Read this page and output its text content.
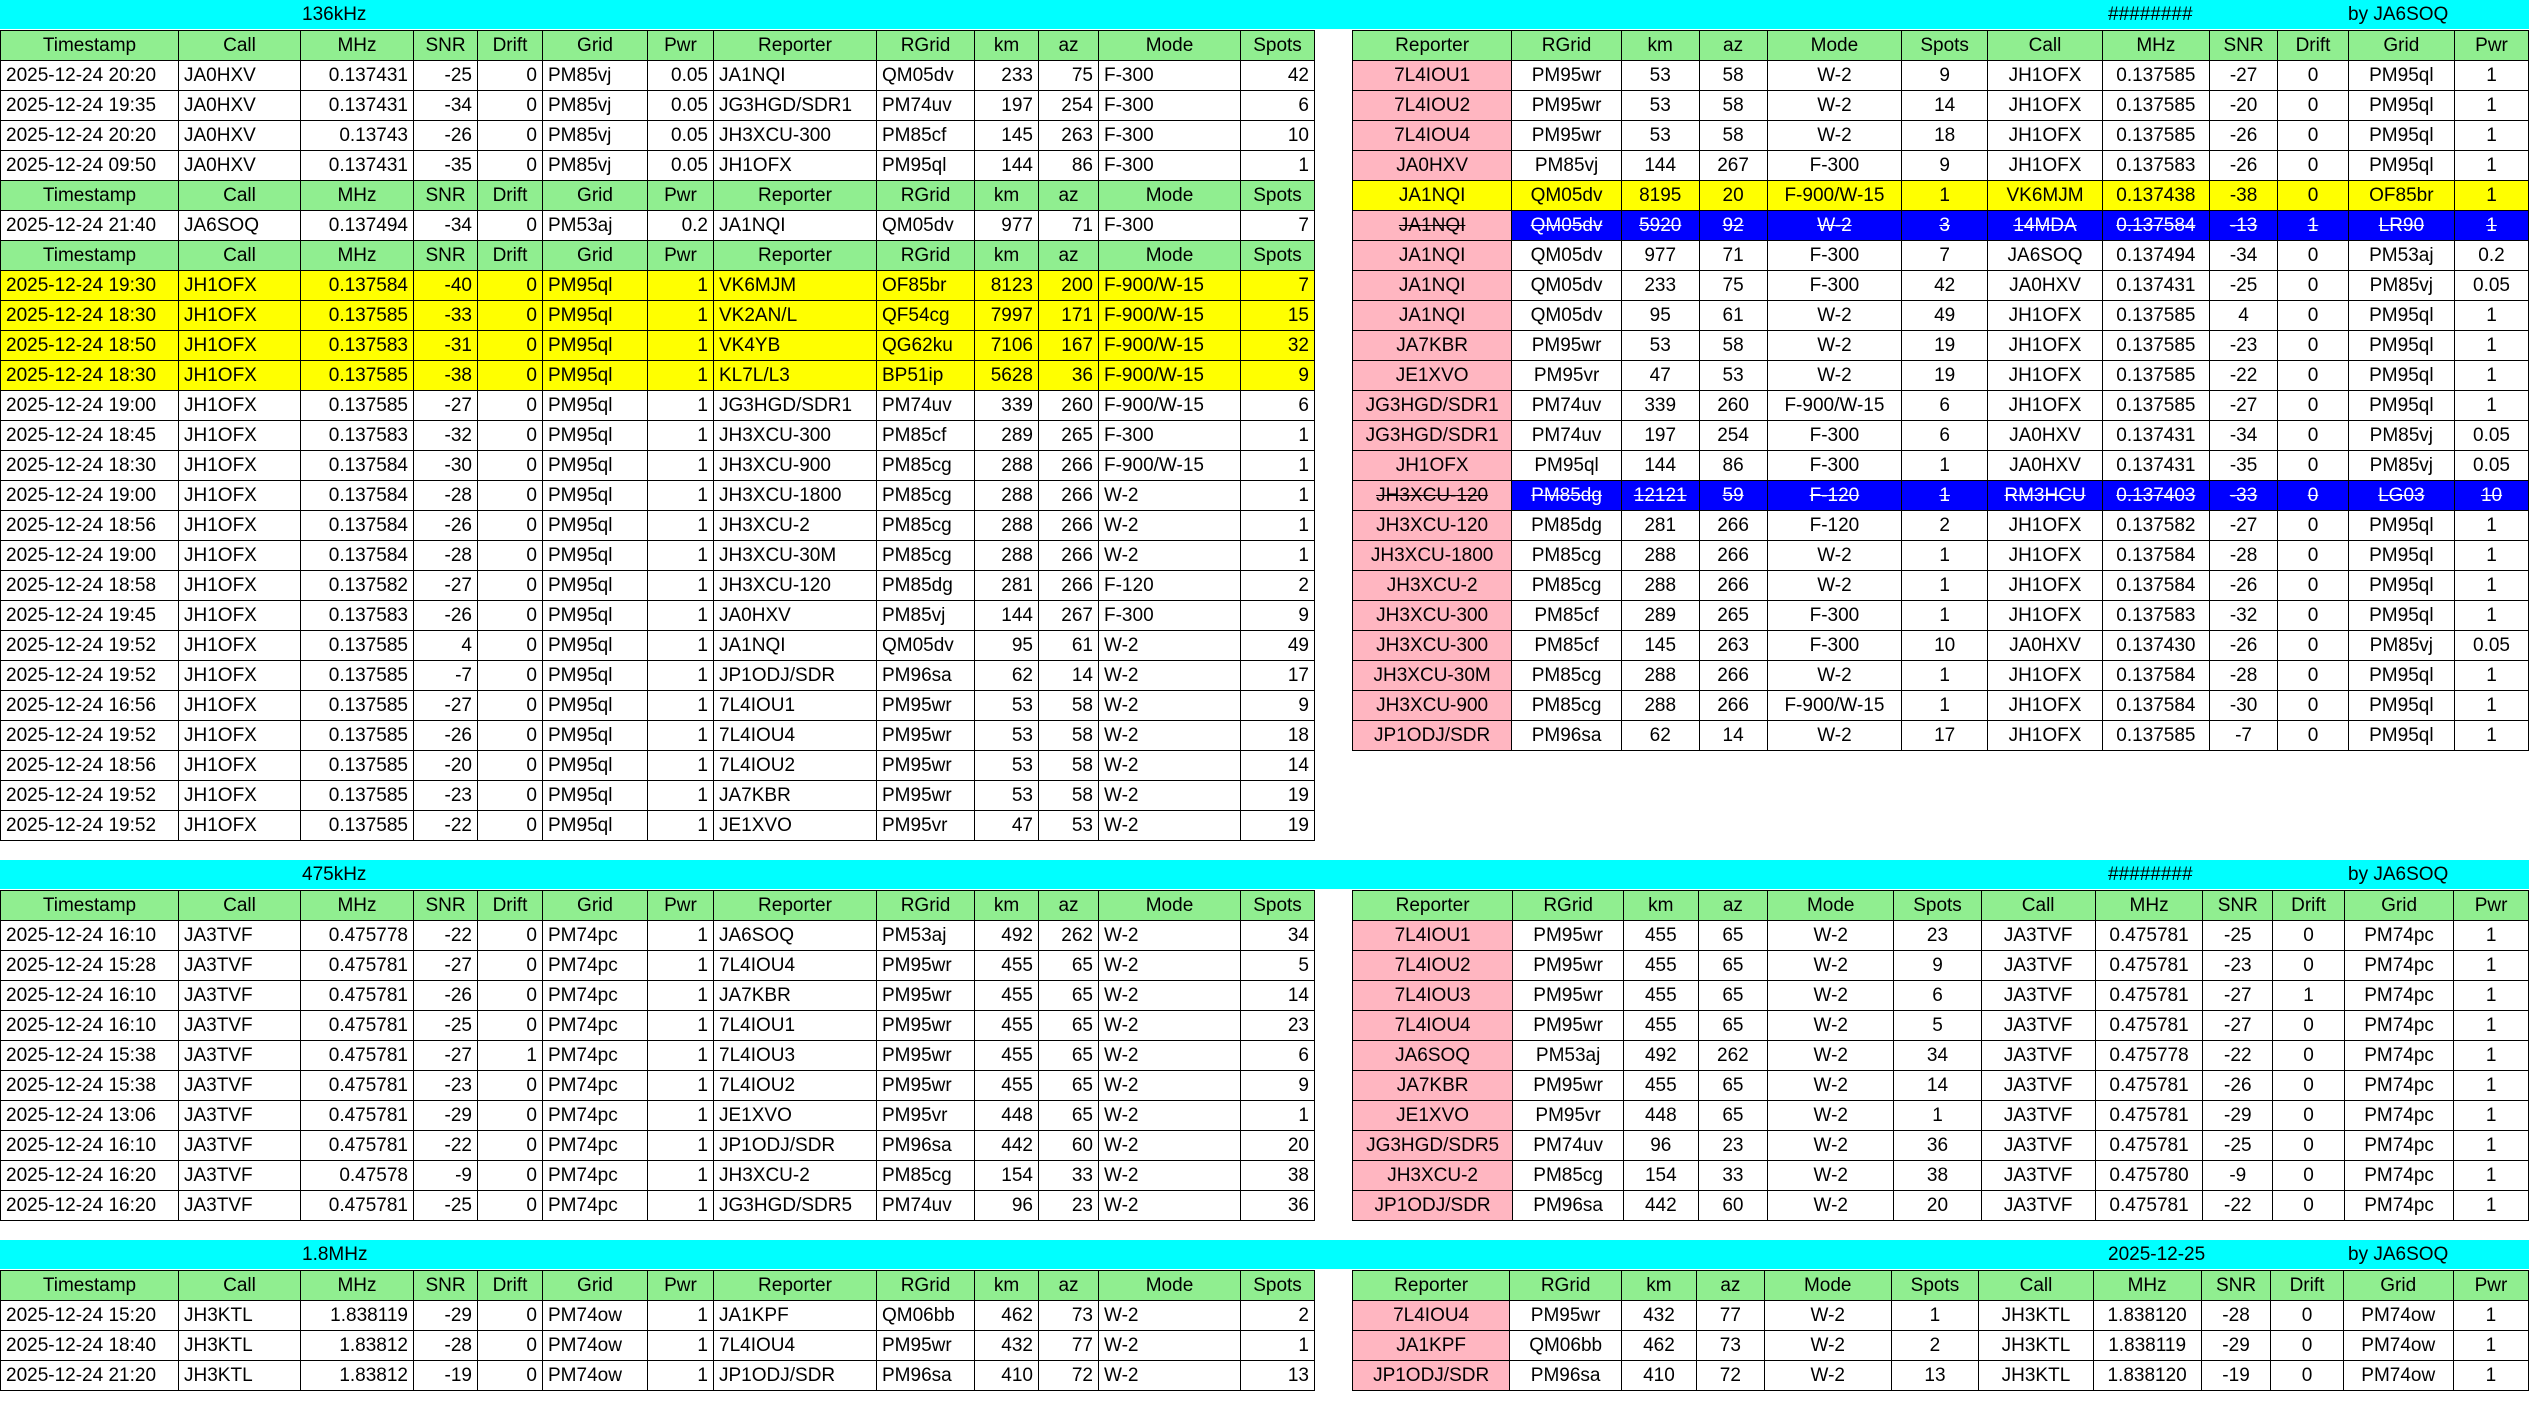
136kHz	########	by JA6SOQ
Timestamp	Call	MHz	SNR	Drift	Grid	Pwr	Reporter	RGrid	km	az	Mode	Spots
2025-12-24 20:20	JA0HXV	0.137431	-25	0	PM85vj	0.05	JA1NQI	QM05dv	233	75	F-300	42
2025-12-24 19:35	JA0HXV	0.137431	-34	0	PM85vj	0.05	JG3HGD/SDR1	PM74uv	197	254	F-300	6
2025-12-24 20:20	JA0HXV	0.13743	-26	0	PM85vj	0.05	JH3XCU-300	PM85cf	145	263	F-300	10
2025-12-24 09:50	JA0HXV	0.137431	-35	0	PM85vj	0.05	JH1OFX	PM95ql	144	86	F-300	1
Timestamp	Call	MHz	SNR	Drift	Grid	Pwr	Reporter	RGrid	km	az	Mode	Spots
2025-12-24 21:40	JA6SOQ	0.137494	-34	0	PM53aj	0.2	JA1NQI	QM05dv	977	71	F-300	7
Timestamp	Call	MHz	SNR	Drift	Grid	Pwr	Reporter	RGrid	km	az	Mode	Spots
2025-12-24 19:30	JH1OFX	0.137584	-40	0	PM95ql	1	VK6MJM	OF85br	8123	200	F-900/W-15	7
2025-12-24 18:30	JH1OFX	0.137585	-33	0	PM95ql	1	VK2AN/L	QF54cg	7997	171	F-900/W-15	15
2025-12-24 18:50	JH1OFX	0.137583	-31	0	PM95ql	1	VK4YB	QG62ku	7106	167	F-900/W-15	32
2025-12-24 18:30	JH1OFX	0.137585	-38	0	PM95ql	1	KL7L/L3	BP51ip	5628	36	F-900/W-15	9
2025-12-24 19:00	JH1OFX	0.137585	-27	0	PM95ql	1	JG3HGD/SDR1	PM74uv	339	260	F-900/W-15	6
2025-12-24 18:45	JH1OFX	0.137583	-32	0	PM95ql	1	JH3XCU-300	PM85cf	289	265	F-300	1
2025-12-24 18:30	JH1OFX	0.137584	-30	0	PM95ql	1	JH3XCU-900	PM85cg	288	266	F-900/W-15	1
2025-12-24 19:00	JH1OFX	0.137584	-28	0	PM95ql	1	JH3XCU-1800	PM85cg	288	266	W-2	1
2025-12-24 18:56	JH1OFX	0.137584	-26	0	PM95ql	1	JH3XCU-2	PM85cg	288	266	W-2	1
2025-12-24 19:00	JH1OFX	0.137584	-28	0	PM95ql	1	JH3XCU-30M	PM85cg	288	266	W-2	1
2025-12-24 18:58	JH1OFX	0.137582	-27	0	PM95ql	1	JH3XCU-120	PM85dg	281	266	F-120	2
2025-12-24 19:45	JH1OFX	0.137583	-26	0	PM95ql	1	JA0HXV	PM85vj	144	267	F-300	9
2025-12-24 19:52	JH1OFX	0.137585	4	0	PM95ql	1	JA1NQI	QM05dv	95	61	W-2	49
2025-12-24 19:52	JH1OFX	0.137585	-7	0	PM95ql	1	JP1ODJ/SDR	PM96sa	62	14	W-2	17
2025-12-24 16:56	JH1OFX	0.137585	-27	0	PM95ql	1	7L4IOU1	PM95wr	53	58	W-2	9
2025-12-24 19:52	JH1OFX	0.137585	-26	0	PM95ql	1	7L4IOU4	PM95wr	53	58	W-2	18
2025-12-24 18:56	JH1OFX	0.137585	-20	0	PM95ql	1	7L4IOU2	PM95wr	53	58	W-2	14
2025-12-24 19:52	JH1OFX	0.137585	-23	0	PM95ql	1	JA7KBR	PM95wr	53	58	W-2	19
2025-12-24 19:52	JH1OFX	0.137585	-22	0	PM95ql	1	JE1XVO	PM95vr	47	53	W-2	19
Reporter	RGrid	km	az	Mode	Spots	Call	MHz	SNR	Drift	Grid	Pwr
7L4IOU1	PM95wr	53	58	W-2	9	JH1OFX	0.137585	-27	0	PM95ql	1
7L4IOU2	PM95wr	53	58	W-2	14	JH1OFX	0.137585	-20	0	PM95ql	1
7L4IOU4	PM95wr	53	58	W-2	18	JH1OFX	0.137585	-26	0	PM95ql	1
JA0HXV	PM85vj	144	267	F-300	9	JH1OFX	0.137583	-26	0	PM95ql	1
JA1NQI	QM05dv	8195	20	F-900/W-15	1	VK6MJM	0.137438	-38	0	OF85br	1
JA1NQI	QM05dv	5920	92	W-2	3	14MDA	0.137584	-13	1	LR90	1
JA1NQI	QM05dv	977	71	F-300	7	JA6SOQ	0.137494	-34	0	PM53aj	0.2
JA1NQI	QM05dv	233	75	F-300	42	JA0HXV	0.137431	-25	0	PM85vj	0.05
JA1NQI	QM05dv	95	61	W-2	49	JH1OFX	0.137585	4	0	PM95ql	1
JA7KBR	PM95wr	53	58	W-2	19	JH1OFX	0.137585	-23	0	PM95ql	1
JE1XVO	PM95vr	47	53	W-2	19	JH1OFX	0.137585	-22	0	PM95ql	1
JG3HGD/SDR1	PM74uv	339	260	F-900/W-15	6	JH1OFX	0.137585	-27	0	PM95ql	1
JG3HGD/SDR1	PM74uv	197	254	F-300	6	JA0HXV	0.137431	-34	0	PM85vj	0.05
JH1OFX	PM95ql	144	86	F-300	1	JA0HXV	0.137431	-35	0	PM85vj	0.05
JH3XCU-120	PM85dg	12121	59	F-120	1	RM3HCU	0.137403	-33	0	LG03	10
JH3XCU-120	PM85dg	281	266	F-120	2	JH1OFX	0.137582	-27	0	PM95ql	1
JH3XCU-1800	PM85cg	288	266	W-2	1	JH1OFX	0.137584	-28	0	PM95ql	1
JH3XCU-2	PM85cg	288	266	W-2	1	JH1OFX	0.137584	-26	0	PM95ql	1
JH3XCU-300	PM85cf	289	265	F-300	1	JH1OFX	0.137583	-32	0	PM95ql	1
JH3XCU-300	PM85cf	145	263	F-300	10	JA0HXV	0.137430	-26	0	PM85vj	0.05
JH3XCU-30M	PM85cg	288	266	W-2	1	JH1OFX	0.137584	-28	0	PM95ql	1
JH3XCU-900	PM85cg	288	266	F-900/W-15	1	JH1OFX	0.137584	-30	0	PM95ql	1
JP1ODJ/SDR	PM96sa	62	14	W-2	17	JH1OFX	0.137585	-7	0	PM95ql	1
475kHz	########	by JA6SOQ
Timestamp	Call	MHz	SNR	Drift	Grid	Pwr	Reporter	RGrid	km	az	Mode	Spots
2025-12-24 16:10	JA3TVF	0.475778	-22	0	PM74pc	1	JA6SOQ	PM53aj	492	262	W-2	34
2025-12-24 15:28	JA3TVF	0.475781	-27	0	PM74pc	1	7L4IOU4	PM95wr	455	65	W-2	5
2025-12-24 16:10	JA3TVF	0.475781	-26	0	PM74pc	1	JA7KBR	PM95wr	455	65	W-2	14
2025-12-24 16:10	JA3TVF	0.475781	-25	0	PM74pc	1	7L4IOU1	PM95wr	455	65	W-2	23
2025-12-24 15:38	JA3TVF	0.475781	-27	1	PM74pc	1	7L4IOU3	PM95wr	455	65	W-2	6
2025-12-24 15:38	JA3TVF	0.475781	-23	0	PM74pc	1	7L4IOU2	PM95wr	455	65	W-2	9
2025-12-24 13:06	JA3TVF	0.475781	-29	0	PM74pc	1	JE1XVO	PM95vr	448	65	W-2	1
2025-12-24 16:10	JA3TVF	0.475781	-22	0	PM74pc	1	JP1ODJ/SDR	PM96sa	442	60	W-2	20
2025-12-24 16:20	JA3TVF	0.47578	-9	0	PM74pc	1	JH3XCU-2	PM85cg	154	33	W-2	38
2025-12-24 16:20	JA3TVF	0.475781	-25	0	PM74pc	1	JG3HGD/SDR5	PM74uv	96	23	W-2	36
Reporter	RGrid	km	az	Mode	Spots	Call	MHz	SNR	Drift	Grid	Pwr
7L4IOU1	PM95wr	455	65	W-2	23	JA3TVF	0.475781	-25	0	PM74pc	1
7L4IOU2	PM95wr	455	65	W-2	9	JA3TVF	0.475781	-23	0	PM74pc	1
7L4IOU3	PM95wr	455	65	W-2	6	JA3TVF	0.475781	-27	1	PM74pc	1
7L4IOU4	PM95wr	455	65	W-2	5	JA3TVF	0.475781	-27	0	PM74pc	1
JA6SOQ	PM53aj	492	262	W-2	34	JA3TVF	0.475778	-22	0	PM74pc	1
JA7KBR	PM95wr	455	65	W-2	14	JA3TVF	0.475781	-26	0	PM74pc	1
JE1XVO	PM95vr	448	65	W-2	1	JA3TVF	0.475781	-29	0	PM74pc	1
JG3HGD/SDR5	PM74uv	96	23	W-2	36	JA3TVF	0.475781	-25	0	PM74pc	1
JH3XCU-2	PM85cg	154	33	W-2	38	JA3TVF	0.475780	-9	0	PM74pc	1
JP1ODJ/SDR	PM96sa	442	60	W-2	20	JA3TVF	0.475781	-22	0	PM74pc	1
1.8MHz	2025-12-25	by JA6SOQ
Timestamp	Call	MHz	SNR	Drift	Grid	Pwr	Reporter	RGrid	km	az	Mode	Spots
2025-12-24 15:20	JH3KTL	1.838119	-29	0	PM74ow	1	JA1KPF	QM06bb	462	73	W-2	2
2025-12-24 18:40	JH3KTL	1.83812	-28	0	PM74ow	1	7L4IOU4	PM95wr	432	77	W-2	1
2025-12-24 21:20	JH3KTL	1.83812	-19	0	PM74ow	1	JP1ODJ/SDR	PM96sa	410	72	W-2	13
Reporter	RGrid	km	az	Mode	Spots	Call	MHz	SNR	Drift	Grid	Pwr
7L4IOU4	PM95wr	432	77	W-2	1	JH3KTL	1.838120	-28	0	PM74ow	1
JA1KPF	QM06bb	462	73	W-2	2	JH3KTL	1.838119	-29	0	PM74ow	1
JP1ODJ/SDR	PM96sa	410	72	W-2	13	JH3KTL	1.838120	-19	0	PM74ow	1
